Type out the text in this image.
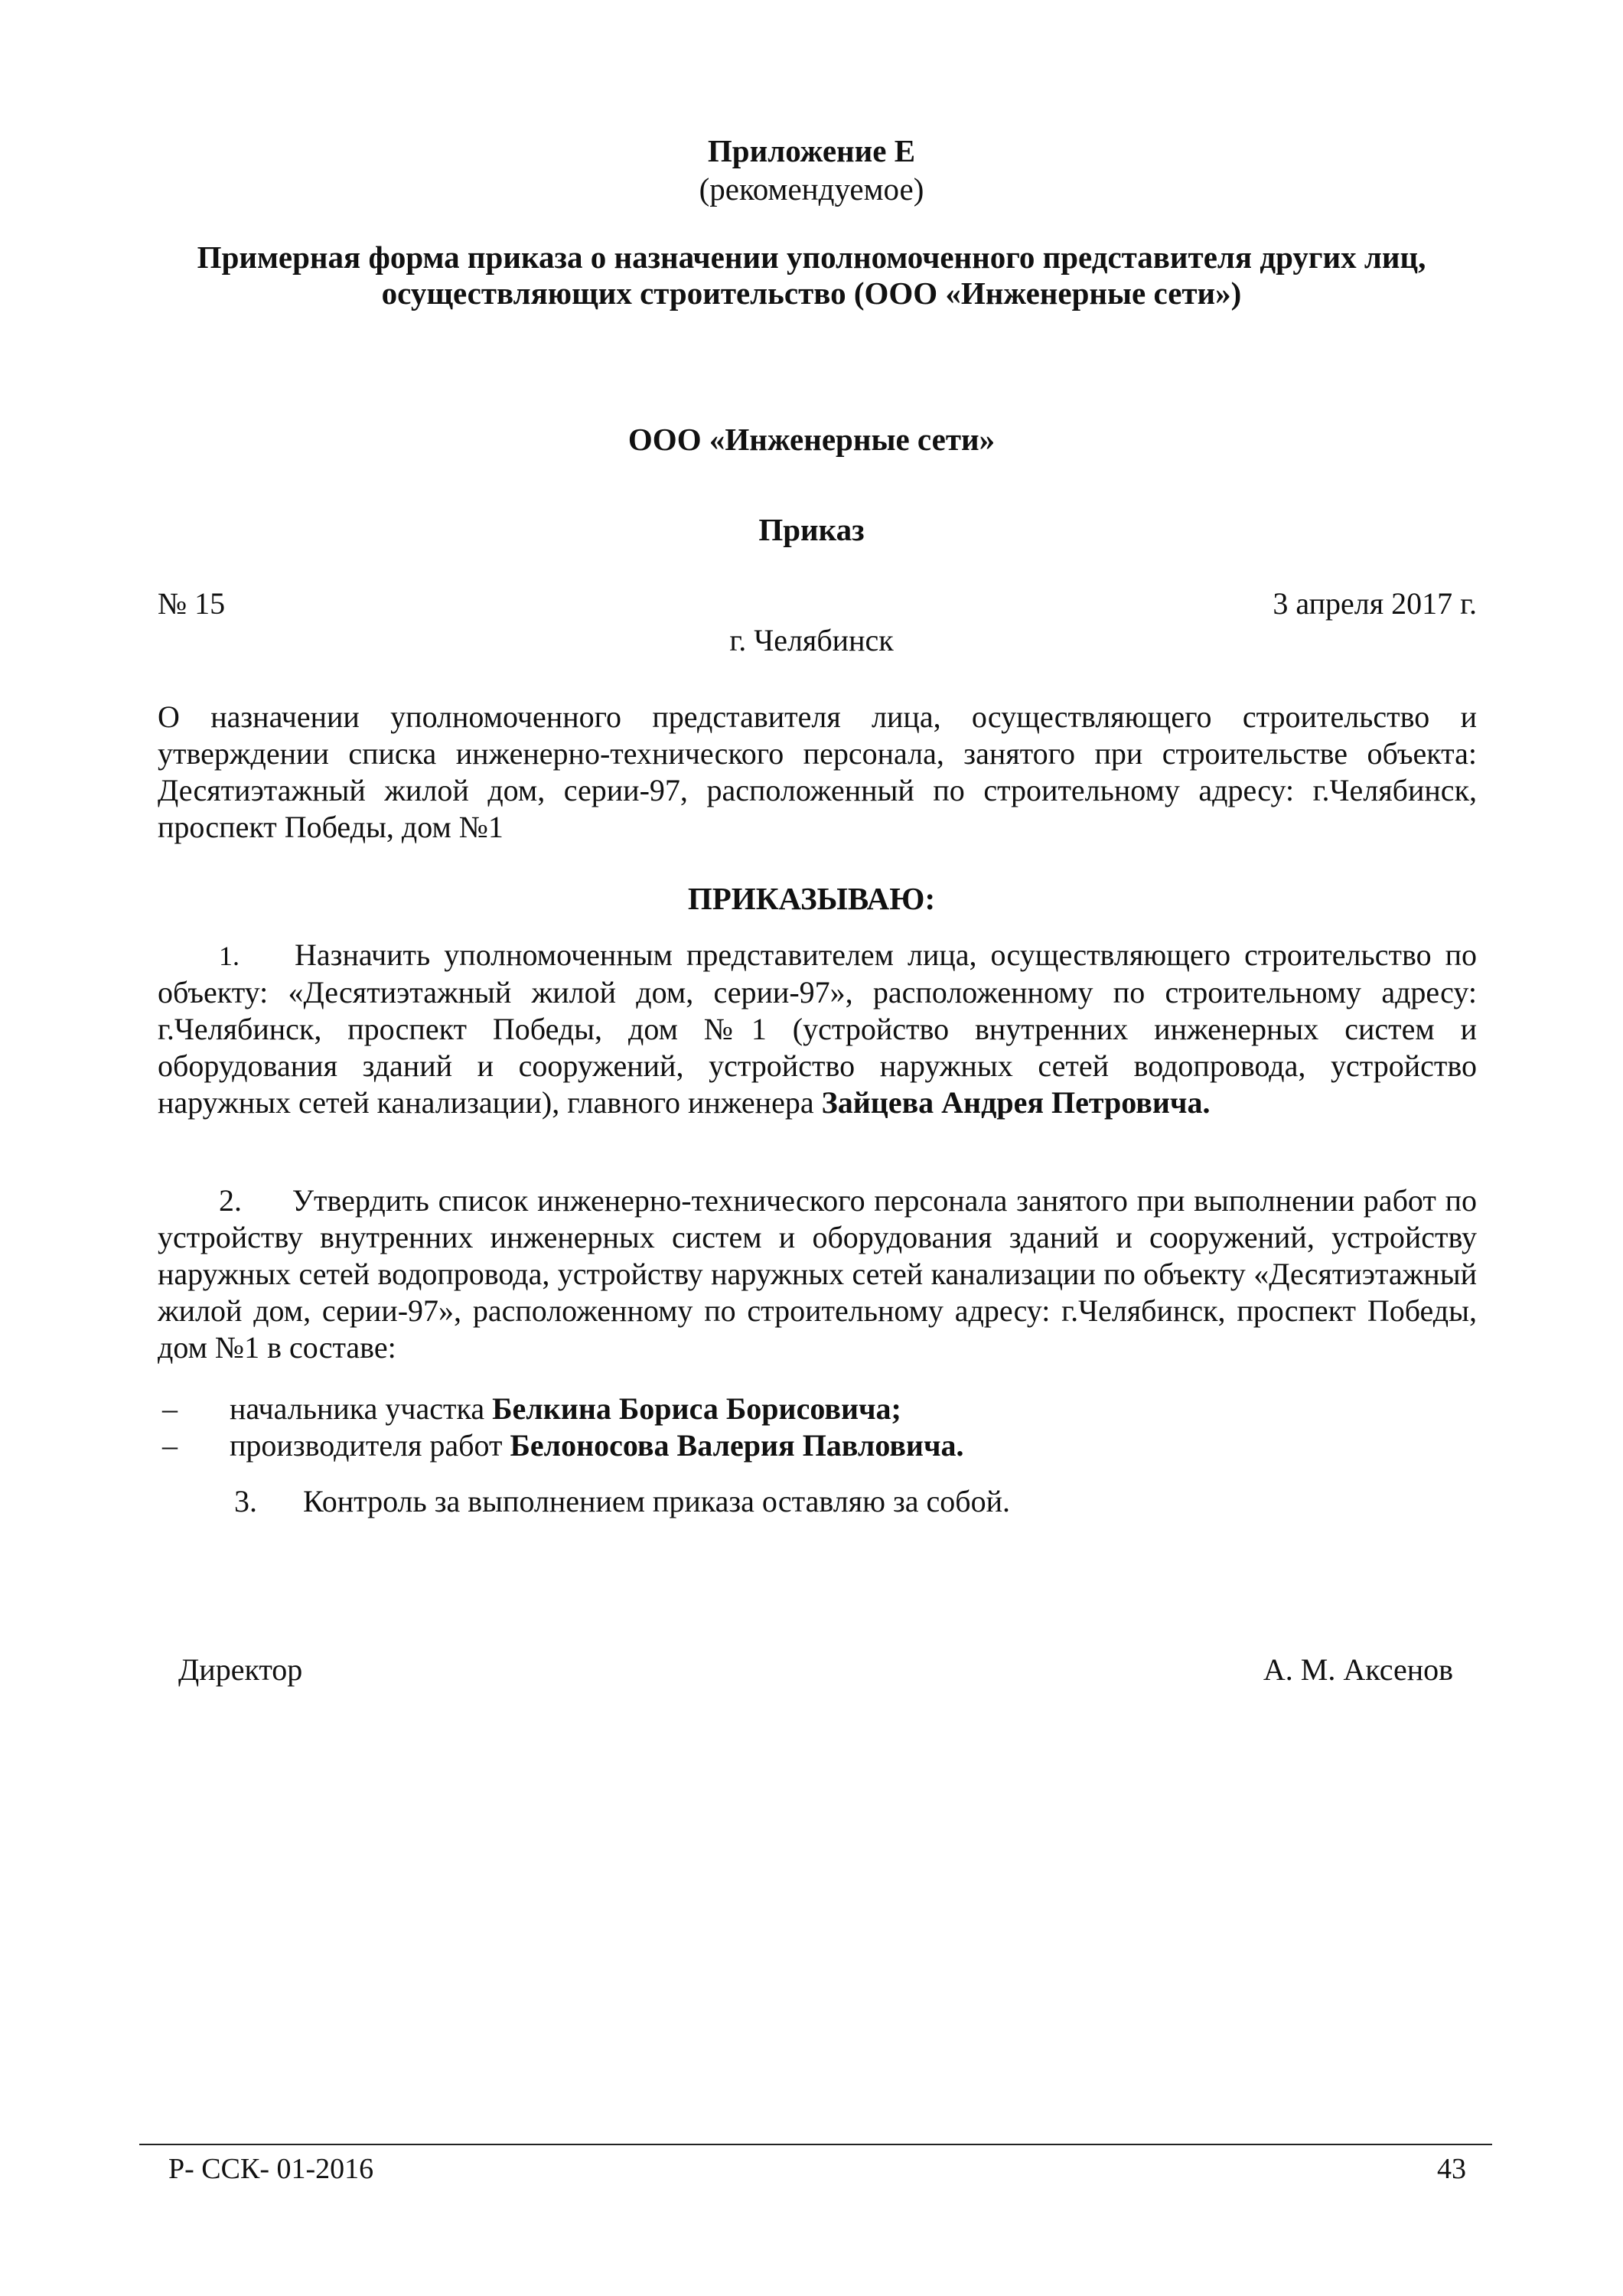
Приложение Е
(рекомендуемое)
Примерная форма приказа о назначении уполномоченного представителя других лиц,
осуществляющих строительство (ООО «Инженерные сети»)
ООО «Инженерные сети»
Приказ
№ 15	3 апреля 2017 г.
г. Челябинск
О назначении уполномоченного представителя лица, осуществляющего строительство и утверждении списка инженерно-технического персонала, занятого при строительстве объекта: Десятиэтажный жилой дом, серии-97, расположенный по строительному адресу: г.Челябинск, проспект Победы, дом №1
ПРИКАЗЫВАЮ:
1. Назначить уполномоченным представителем лица, осуществляющего строительство по объекту: «Десятиэтажный жилой дом, серии-97», расположенному по строительному адресу: г.Челябинск, проспект Победы, дом №1 (устройство внутренних инженерных систем и оборудования зданий и сооружений, устройство наружных сетей водопровода, устройство наружных сетей канализации), главного инженера Зайцева Андрея Петровича.
2. Утвердить список инженерно-технического персонала занятого при выполнении работ по устройству внутренних инженерных систем и оборудования зданий и сооружений, устройству наружных сетей водопровода, устройству наружных сетей канализации по объекту «Десятиэтажный жилой дом, серии-97», расположенному по строительному адресу: г.Челябинск, проспект Победы, дом №1 в составе:
– начальника участка Белкина Бориса Борисовича;
– производителя работ Белоносова Валерия Павловича.
3. Контроль за выполнением приказа оставляю за собой.
Директор	А. М. Аксенов
Р- ССК- 01-2016	43
